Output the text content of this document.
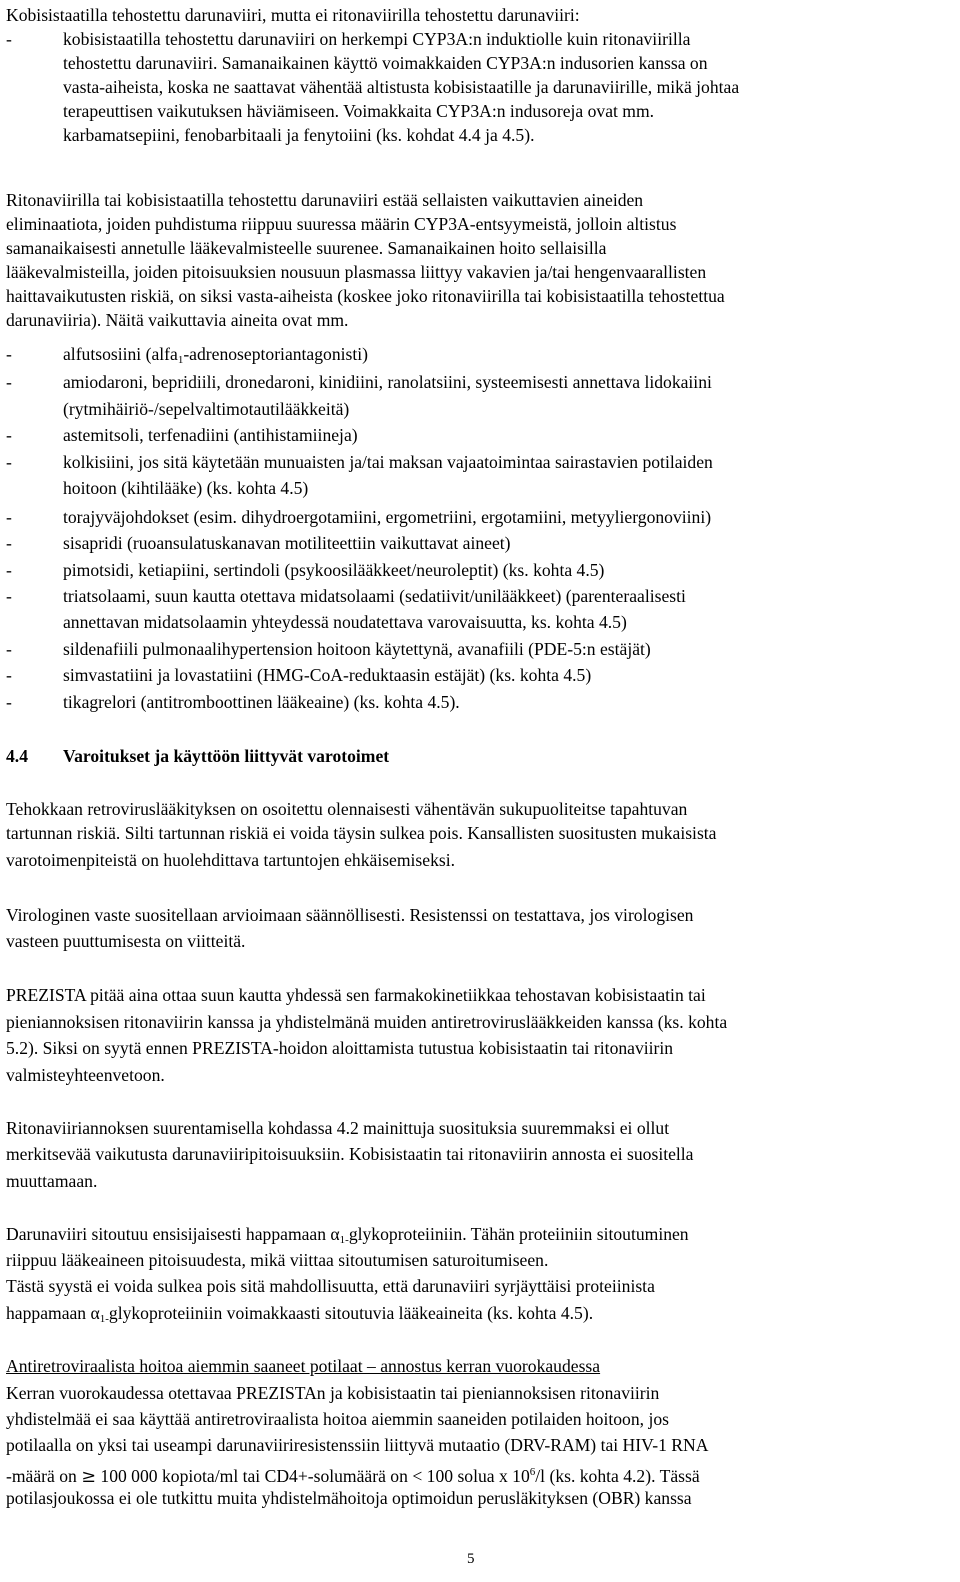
Kobisistaatilla tehostettu darunaviiri, mutta ei ritonaviirilla tehostettu darunaviiri:
-	kobisistaatilla tehostettu darunaviiri on herkempi CYP3A:n induktiolle kuin ritonaviirilla
tehostettu darunaviiri. Samanaikainen käyttö voimakkaiden CYP3A:n indusorien kanssa on
vasta-aiheista, koska ne saattavat vähentää altistusta kobisistaatille ja darunaviirille, mikä johtaa
terapeuttisen vaikutuksen häviämiseen. Voimakkaita CYP3A:n indusoreja ovat mm.
karbamatsepiini, fenobarbitaali ja fenytoiini (ks. kohdat 4.4 ja 4.5).
Ritonaviirilla tai kobisistaatilla tehostettu darunaviiri estää sellaisten vaikuttavien aineiden
eliminaatiota, joiden puhdistuma riippuu suuressa määrin CYP3A-entsyymeistä, jolloin altistus
samanaikaisesti annetulle lääkevalmisteelle suurenee. Samanaikainen hoito sellaisilla
lääkevalmisteilla, joiden pitoisuuksien nousuun plasmassa liittyy vakavien ja/tai hengenvaarallisten
haittavaikutusten riskiä, on siksi vasta-aiheista (koskee joko ritonaviirilla tai kobisistaatilla tehostettua
darunaviiria). Näitä vaikuttavia aineita ovat mm.
-	alfutsosiini (alfa$_1$-adrenoseptoriantagonisti)
-	amiodaroni, bepridiili, dronedaroni, kinidiini, ranolatsiini, systeemisesti annettava lidokaiini
(rytmihäiriö-/sepelvaltimotautilääkkeitä)
-	astemitsoli, terfenadiini (antihistamiineja)
-	kolkisiini, jos sitä käytetään munuaisten ja/tai maksan vajaatoimintaa sairastavien potilaiden
hoitoon (kihtilääke) (ks. kohta 4.5)
-	torajyväjohdokset (esim. dihydroergotamiini, ergometriini, ergotamiini, metyyliergonoviini)
-	sisapridi (ruoansulatuskanavan motiliteettiin vaikuttavat aineet)
-	pimotsidi, ketiapiini, sertindoli (psykoosilääkkeet/neuroleptit) (ks. kohta 4.5)
-	triatsolaami, suun kautta otettava midatsolaami (sedatiivit/unilääkkeet) (parenteraalisesti
annettavan midatsolaamin yhteydessä noudatettava varovaisuutta, ks. kohta 4.5)
-	sildenafiili pulmonaalihypertension hoitoon käytettynä, avanafiili (PDE-5:n estäjät)
-	simvastatiini ja lovastatiini (HMG-CoA-reduktaasin estäjät) (ks. kohta 4.5)
-	tikagrelori (antitromboottinen lääkeaine) (ks. kohta 4.5).
4.4 Varoitukset ja käyttöön liittyvät varotoimet
Tehokkaan retroviruslääkityksen on osoitettu olennaisesti vähentävän sukupuoliteitse tapahtuvan
tartunnan riskiä. Silti tartunnan riskiä ei voida täysin sulkea pois. Kansallisten suositusten mukaisista
varotoimenpiteistä on huolehdittava tartuntojen ehkäisemiseksi.
Virologinen vaste suositellaan arvioimaan säännöllisesti. Resistenssi on testattava, jos virologisen
vasteen puuttumisesta on viitteitä.
PREZISTA pitää aina ottaa suun kautta yhdessä sen farmakokinetiikkaa tehostavan kobisistaatin tai
pieniannoksisen ritonaviirin kanssa ja yhdistelmänä muiden antiretroviruslääkkeiden kanssa (ks. kohta
5.2). Siksi on syytä ennen PREZISTA-hoidon aloittamista tutustua kobisistaatin tai ritonaviirin
valmisteyhteenvetoon.
Ritonaviiriannoksen suurentamisella kohdassa 4.2 mainittuja suosituksia suuremmaksi ei ollut
merkitsevää vaikutusta darunaviiripitoisuuksiin. Kobisistaatin tai ritonaviirin annosta ei suositella
muuttamaan.
Darunaviiri sitoutuu ensisijaisesti happamaan $\alpha_{1-}glykoproteiiniin$. Tähän proteiiniin sitoutuminen
riippuu lääkeaineen pitoisuudesta, mikä viittaa sitoutumisen saturoitumiseen.
Tästä syystä ei voida sulkea pois sitä mahdollisuutta, että darunaviiri syrjäyttäisi proteiinista
happamaan $\alpha_{1-}glykoproteiiniin$ voimakkaasti sitoutuvia lääkeaineita (ks. kohta 4.5).
Antiretroviraalista hoitoa aiemmin saaneet potilaat – annostus kerran vuorokaudessa
Kerran vuorokaudessa otettavaa PREZISTAn ja kobisistaatin tai pieniannoksisen ritonaviirin
yhdistelmää ei saa käyttää antiretroviraalista hoitoa aiemmin saaneiden potilaiden hoitoon, jos
potilaalla on yksi tai useampi darunaviiriresistenssiin liittyvä mutaatio (DRV-RAM) tai HIV-1 RNA
-määrä on ≥ 100 000 kopiota/ml tai CD4+-solumäärä on < 100 solua x $10^6/l$ (ks. kohta 4.2). Tässä
potilasjoukossa ei ole tutkittu muita yhdistelmähoitoja optimoidun perusläkityksen (OBR) kanssa
5
